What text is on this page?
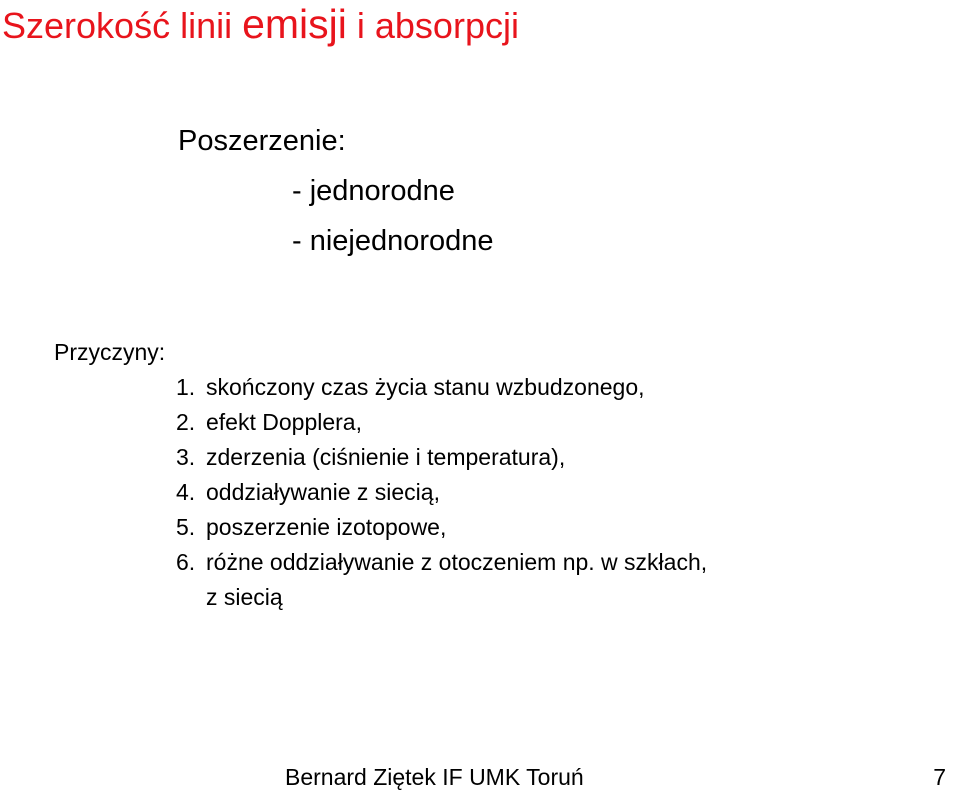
Szerokość linii emisji i absorpcji
Poszerzenie:
- jednorodne
- niejednorodne
Przyczyny:
1. skończony czas życia stanu wzbudzonego,
2. efekt Dopplera,
3. zderzenia (ciśnienie i temperatura),
4. oddziaływanie z siecią,
5. poszerzenie izotopowe,
6. różne oddziaływanie z otoczeniem np. w szkłach,
z siecią
Bernard Ziętek IF UMK Toruń	7
